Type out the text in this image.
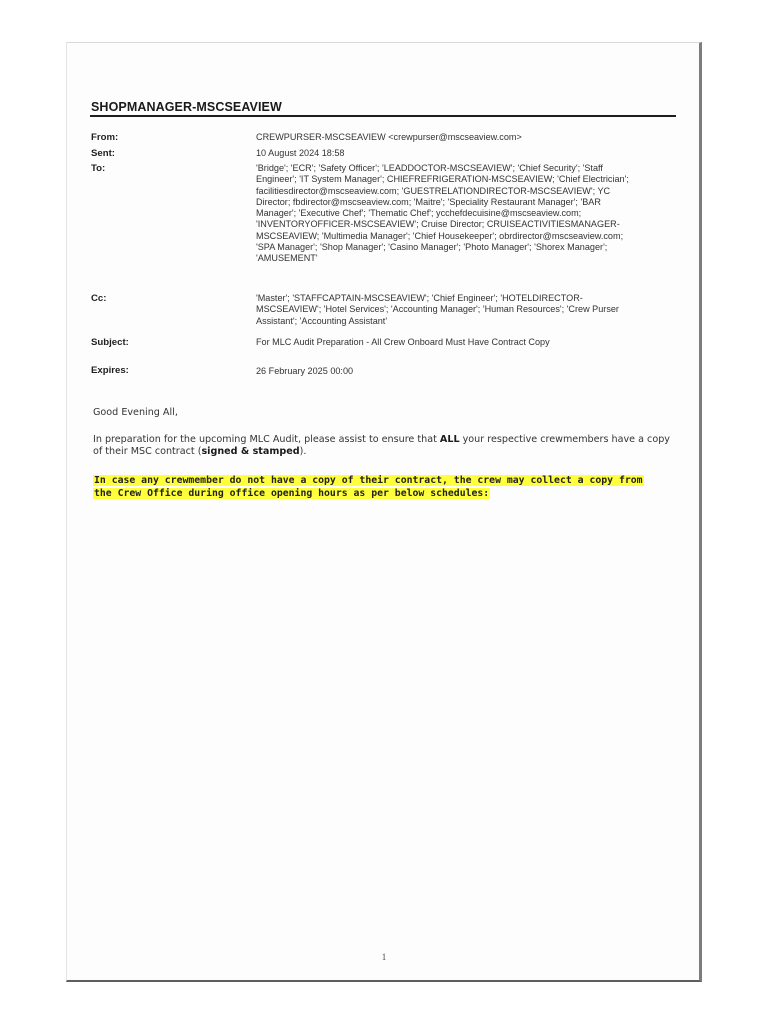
SHOPMANAGER-MSCSEAVIEW
From:	CREWPURSER-MSCSEAVIEW <crewpurser@mscseaview.com>
Sent:	10 August 2024 18:58
To:	'Bridge'; 'ECR'; 'Safety Officer'; 'LEADDOCTOR-MSCSEAVIEW'; 'Chief Security'; 'Staff
Engineer'; 'IT System Manager'; CHIEFREFRIGERATION-MSCSEAVIEW; 'Chief Electrician';
facilitiesdirector@mscseaview.com; 'GUESTRELATIONDIRECTOR-MSCSEAVIEW'; YC
Director; fbdirector@mscseaview.com; 'Maitre'; 'Speciality Restaurant Manager'; 'BAR
Manager'; 'Executive Chef'; 'Thematic Chef'; ycchefdecuisine@mscseaview.com;
'INVENTORYOFFICER-MSCSEAVIEW'; Cruise Director; CRUISEACTIVITIESMANAGER-
MSCSEAVIEW; 'Multimedia Manager'; 'Chief Housekeeper'; obrdirector@mscseaview.com;
'SPA Manager'; 'Shop Manager'; 'Casino Manager'; 'Photo Manager'; 'Shorex Manager';
'AMUSEMENT'
Cc:	'Master'; 'STAFFCAPTAIN-MSCSEAVIEW'; 'Chief Engineer'; 'HOTELDIRECTOR-
MSCSEAVIEW'; 'Hotel Services'; 'Accounting Manager'; 'Human Resources'; 'Crew Purser
Assistant'; 'Accounting Assistant'
Subject:	For MLC Audit Preparation - All Crew Onboard Must Have Contract Copy
Expires:	26 February 2025 00:00
Good Evening All,
In preparation for the upcoming MLC Audit, please assist to ensure that ALL your respective crewmembers have a copy of their MSC contract (signed & stamped).
In case any crewmember do not have a copy of their contract, the crew may collect a copy from
the Crew Office during office opening hours as per below schedules:
1
